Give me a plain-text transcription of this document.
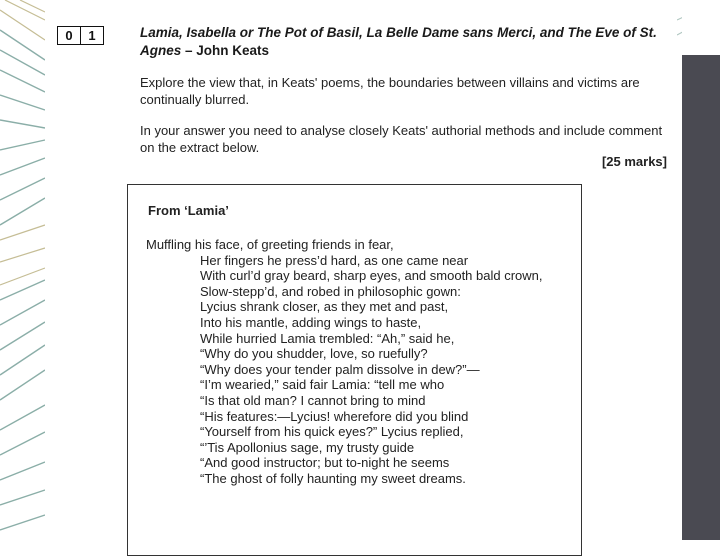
0	1	Lamia, Isabella or The Pot of Basil, La Belle Dame sans Merci, and The Eve of St. Agnes – John Keats
Explore the view that, in Keats' poems, the boundaries between villains and victims are continually blurred.
In your answer you need to analyse closely Keats' authorial methods and include comment on the extract below.
[25 marks]
From ‘Lamia’
Muffling his face, of greeting friends in fear,
Her fingers he press’d hard, as one came near
With curl’d gray beard, sharp eyes, and smooth bald crown,
Slow-stepp’d, and robed in philosophic gown:
Lycius shrank closer, as they met and past,
Into his mantle, adding wings to haste,
While hurried Lamia trembled: “Ah,” said he,
“Why do you shudder, love, so ruefully?
“Why does your tender palm dissolve in dew?”—
“I’m wearied,” said fair Lamia: “tell me who
“Is that old man? I cannot bring to mind
“His features:—Lycius! wherefore did you blind
“Yourself from his quick eyes?” Lycius replied,
“’Tis Apollonius sage, my trusty guide
“And good instructor; but to-night he seems
“The ghost of folly haunting my sweet dreams.
